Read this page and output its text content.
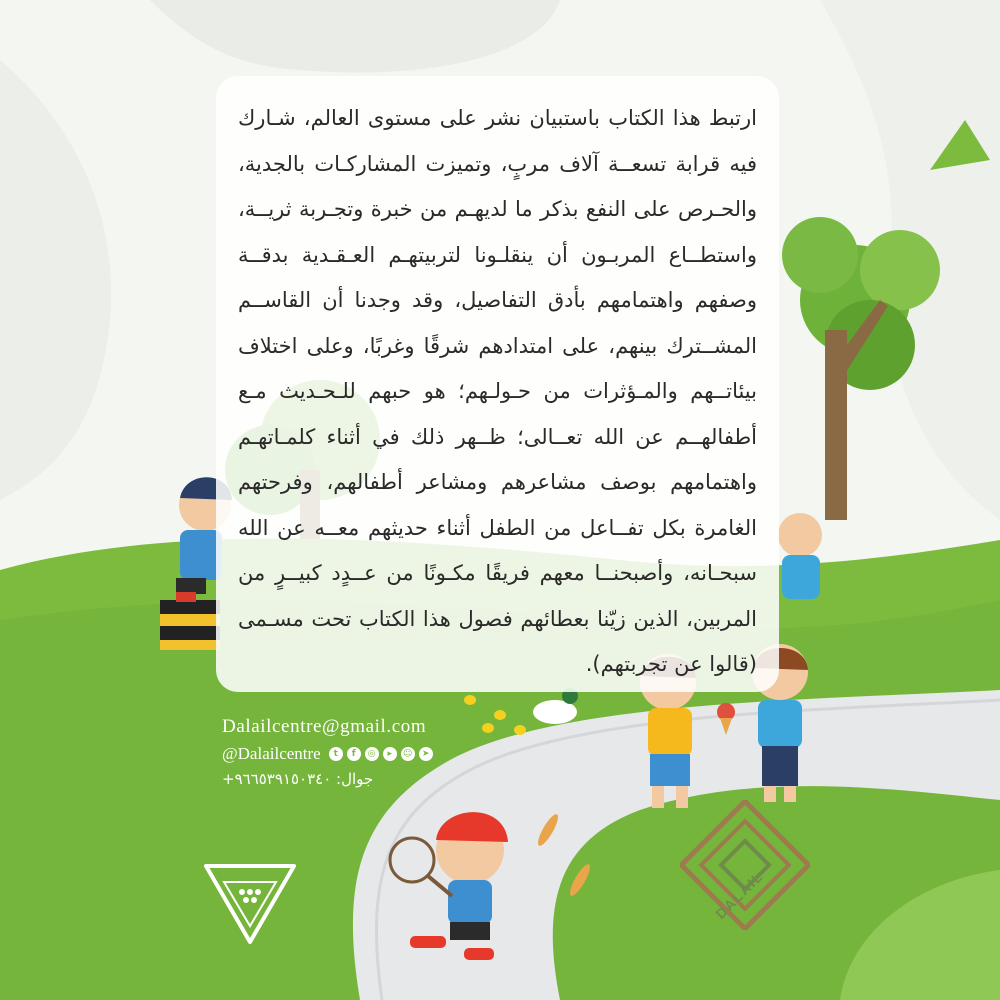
ارتبط هذا الكتاب باستبيان نشر على مستوى العالم، شـارك
فيه قرابة تسعــة آلاف مربٍ، وتميزت المشاركـات بالجدية،
والحـرص على النفع بذكر ما لديهـم من خبرة وتجـربة ثريــة،
واستطــاع المربـون أن ينقلـونا لتربيتهـم العـقـدية بدقــة
وصفهم واهتمامهم بأدق التفاصيل، وقد وجدنا أن القاســم
المشــترك بينهم، على امتدادهم شرقًا وغربًا، وعلى اختلاف
بيئاتــهم والمـؤثرات من حـولـهم؛ هو حبهم للـحـديث مـع
أطفالهــم عن الله تعــالى؛ ظــهر ذلك في أثناء كلمـاتهـم
واهتمامهم بوصف مشاعرهم ومشاعر أطفالهم، وفرحتهم
الغامرة بكل تفــاعل من الطفل أثناء حديثهم معــه عن الله
سبحـانه، وأصبحنــا معهم فريقًا مكـونًا من عــدٍد كبيــرٍ من
المربين، الذين زيّنا بعطائهم فصول هذا الكتاب تحت مسـمى
(قالوا عن تجربتهم).
Dalailcentre@gmail.com
@Dalailcentre	t	f	◎	▸	☺	➤
جوال: ٩٦٦٥٣٩١٥٠٣٤٠+
DALAIL
